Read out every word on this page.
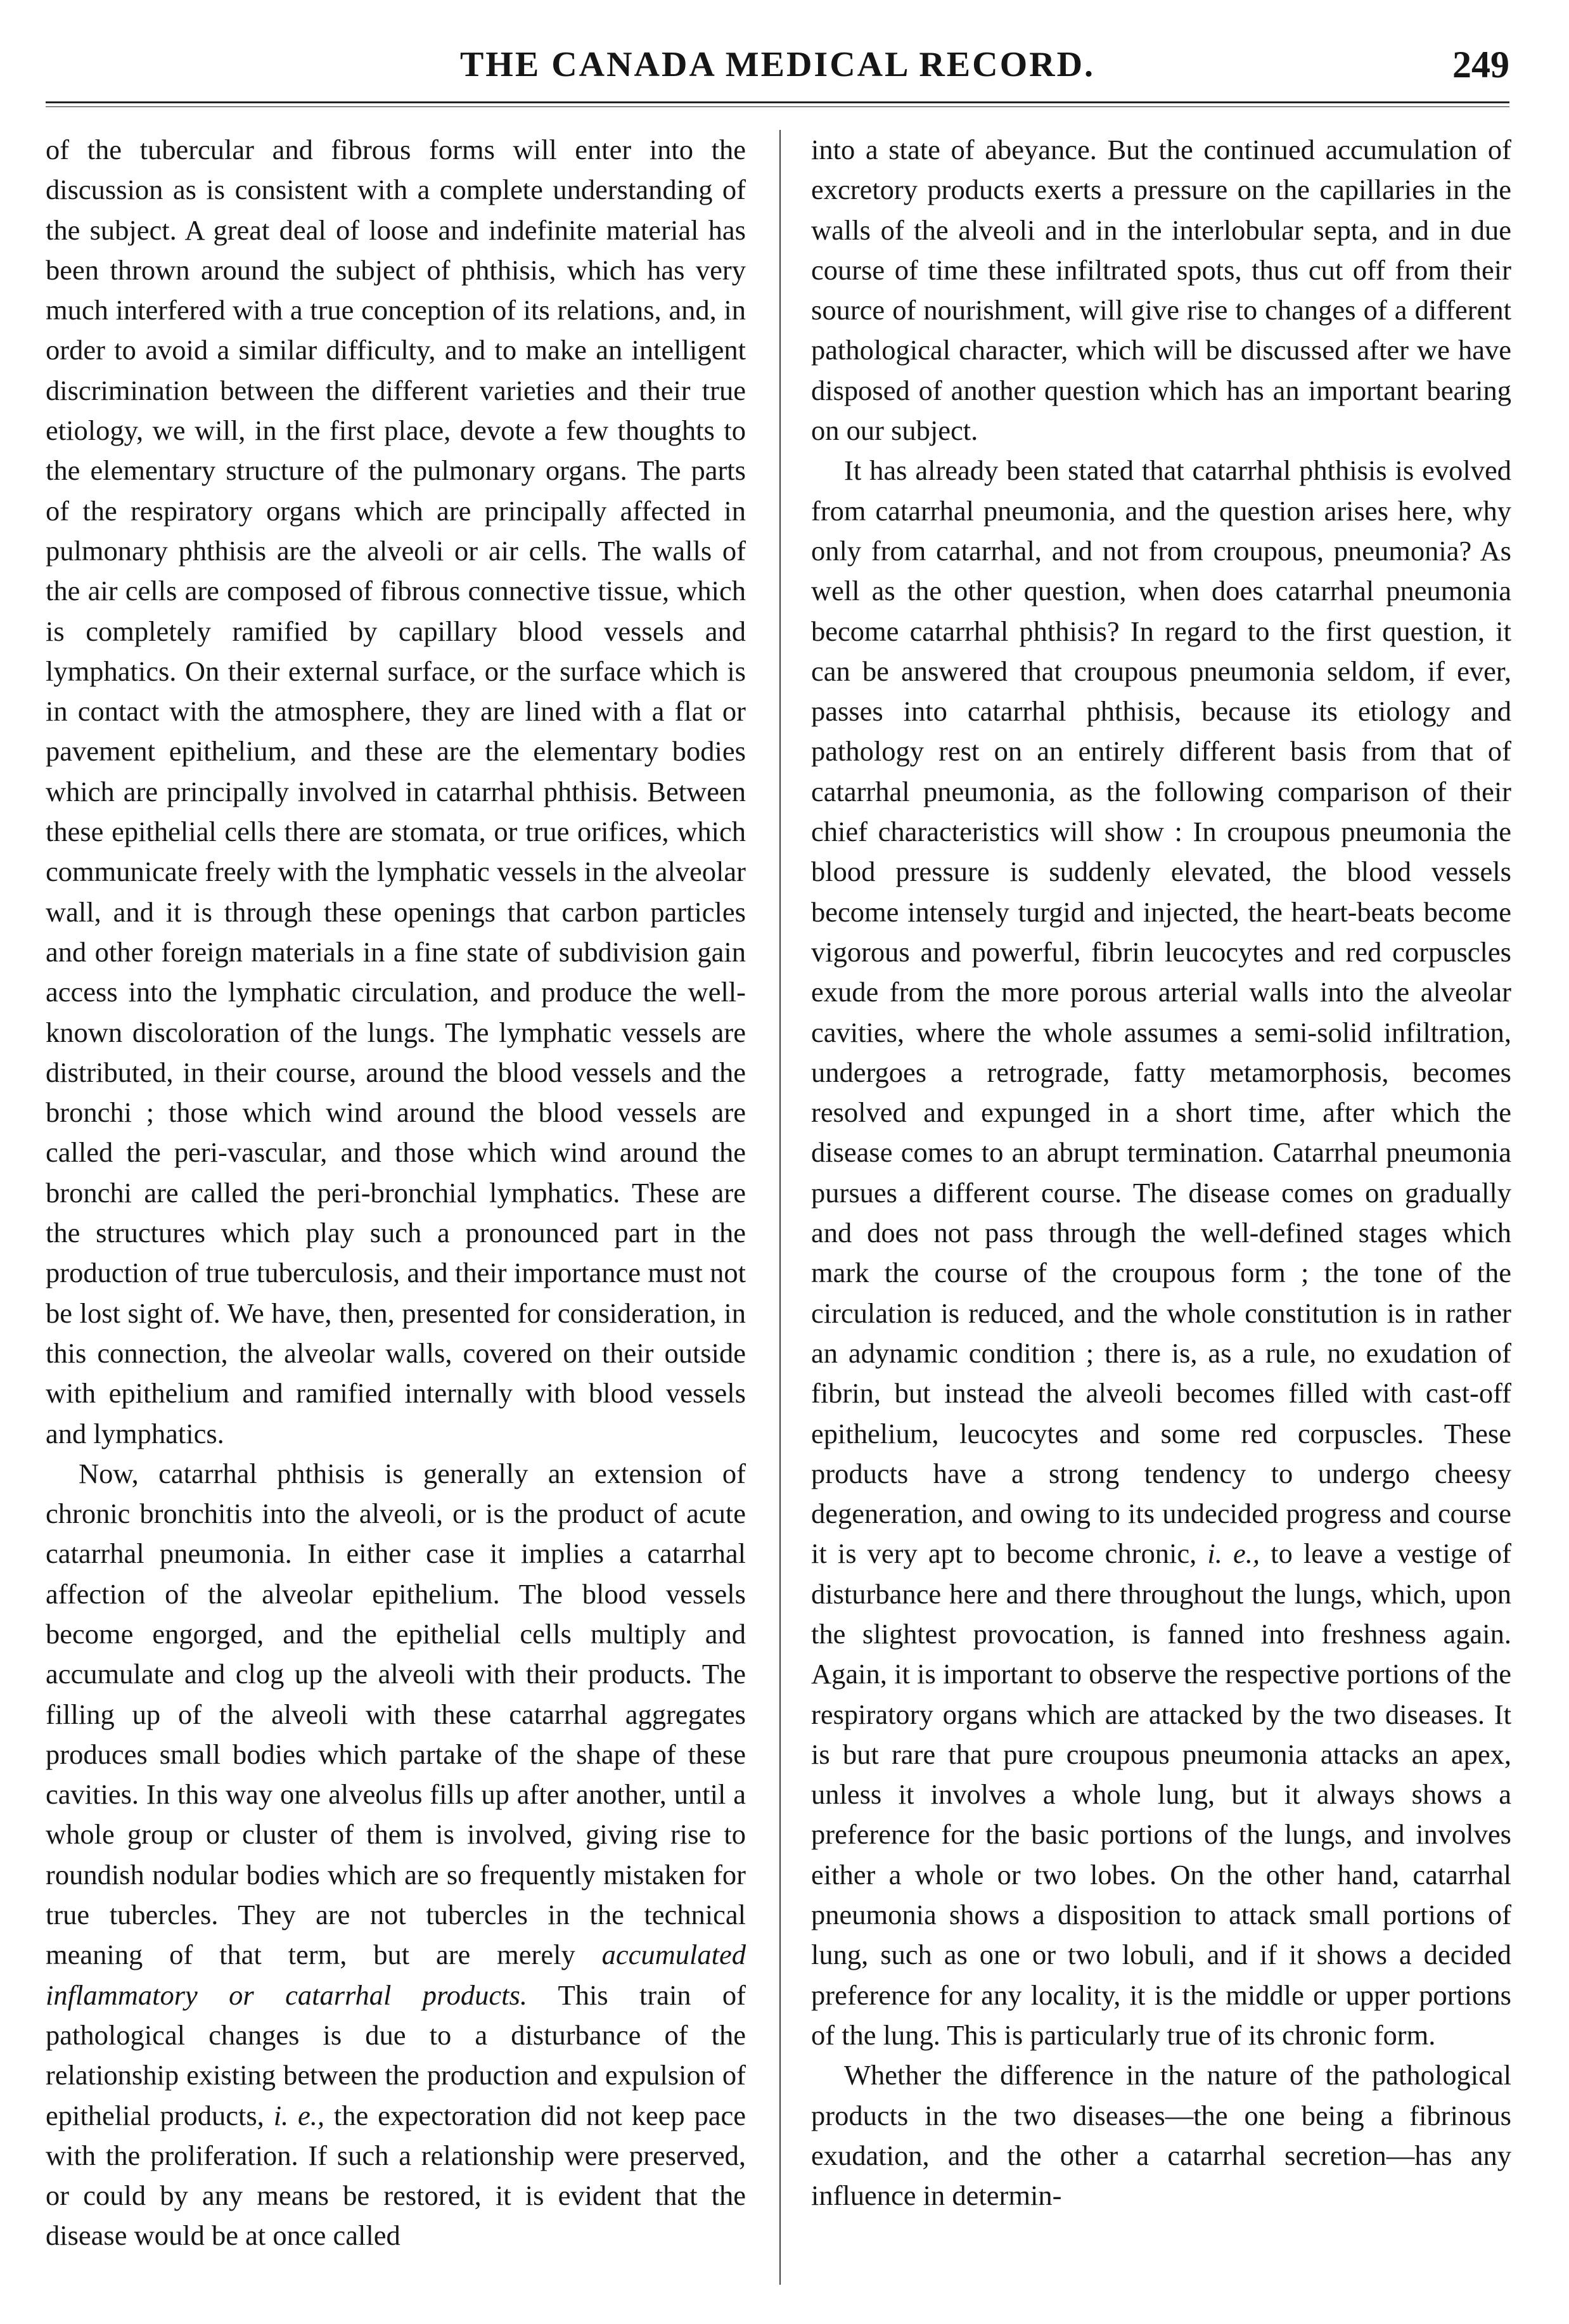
THE CANADA MEDICAL RECORD.	249

of the tubercular and fibrous forms will enter into the discussion as is consistent with a complete understanding of the subject. A great deal of loose and indefinite material has been thrown around the subject of phthisis, which has very much interfered with a true conception of its relations, and, in order to avoid a similar difficulty, and to make an intelligent discrimination between the different varieties and their true etiology, we will, in the first place, devote a few thoughts to the elementary structure of the pulmonary organs. The parts of the respiratory organs which are principally affected in pulmonary phthisis are the alveoli or air cells. The walls of the air cells are composed of fibrous connective tissue, which is completely ramified by capillary blood vessels and lymphatics. On their external surface, or the surface which is in contact with the atmosphere, they are lined with a flat or pavement epithelium, and these are the elementary bodies which are principally involved in catarrhal phthisis. Between these epithelial cells there are stomata, or true orifices, which communicate freely with the lymphatic vessels in the alveolar wall, and it is through these openings that carbon particles and other foreign materials in a fine state of subdivision gain access into the lymphatic circulation, and produce the well-known discoloration of the lungs. The lymphatic vessels are distributed, in their course, around the blood vessels and the bronchi ; those which wind around the blood vessels are called the peri-vascular, and those which wind around the bronchi are called the peri-bronchial lymphatics. These are the structures which play such a pronounced part in the production of true tuberculosis, and their importance must not be lost sight of. We have, then, presented for consideration, in this connection, the alveolar walls, covered on their outside with epithelium and ramified internally with blood vessels and lymphatics.

Now, catarrhal phthisis is generally an extension of chronic bronchitis into the alveoli, or is the product of acute catarrhal pneumonia. In either case it implies a catarrhal affection of the alveolar epithelium. The blood vessels become engorged, and the epithelial cells multiply and accumulate and clog up the alveoli with their products. The filling up of the alveoli with these catarrhal aggregates produces small bodies which partake of the shape of these cavities. In this way one alveolus fills up after another, until a whole group or cluster of them is involved, giving rise to roundish nodular bodies which are so frequently mistaken for true tubercles. They are not tubercles in the technical meaning of that term, but are merely accumulated inflammatory or catarrhal products. This train of pathological changes is due to a disturbance of the relationship existing between the production and expulsion of epithelial products, i. e., the expectoration did not keep pace with the proliferation. If such a relationship were preserved, or could by any means be restored, it is evident that the disease would be at once called

into a state of abeyance. But the continued accumulation of excretory products exerts a pressure on the capillaries in the walls of the alveoli and in the interlobular septa, and in due course of time these infiltrated spots, thus cut off from their source of nourishment, will give rise to changes of a different pathological character, which will be discussed after we have disposed of another question which has an important bearing on our subject.

It has already been stated that catarrhal phthisis is evolved from catarrhal pneumonia, and the question arises here, why only from catarrhal, and not from croupous, pneumonia? As well as the other question, when does catarrhal pneumonia become catarrhal phthisis? In regard to the first question, it can be answered that croupous pneumonia seldom, if ever, passes into catarrhal phthisis, because its etiology and pathology rest on an entirely different basis from that of catarrhal pneumonia, as the following comparison of their chief characteristics will show : In croupous pneumonia the blood pressure is suddenly elevated, the blood vessels become intensely turgid and injected, the heart-beats become vigorous and powerful, fibrin leucocytes and red corpuscles exude from the more porous arterial walls into the alveolar cavities, where the whole assumes a semi-solid infiltration, undergoes a retrograde, fatty metamorphosis, becomes resolved and expunged in a short time, after which the disease comes to an abrupt termination. Catarrhal pneumonia pursues a different course. The disease comes on gradually and does not pass through the well-defined stages which mark the course of the croupous form ; the tone of the circulation is reduced, and the whole constitution is in rather an adynamic condition ; there is, as a rule, no exudation of fibrin, but instead the alveoli becomes filled with cast-off epithelium, leucocytes and some red corpuscles. These products have a strong tendency to undergo cheesy degeneration, and owing to its undecided progress and course it is very apt to become chronic, i. e., to leave a vestige of disturbance here and there throughout the lungs, which, upon the slightest provocation, is fanned into freshness again. Again, it is important to observe the respective portions of the respiratory organs which are attacked by the two diseases. It is but rare that pure croupous pneumonia attacks an apex, unless it involves a whole lung, but it always shows a preference for the basic portions of the lungs, and involves either a whole or two lobes. On the other hand, catarrhal pneumonia shows a disposition to attack small portions of lung, such as one or two lobuli, and if it shows a decided preference for any locality, it is the middle or upper portions of the lung. This is particularly true of its chronic form.

Whether the difference in the nature of the pathological products in the two diseases—the one being a fibrinous exudation, and the other a catarrhal secretion—has any influence in determin-
